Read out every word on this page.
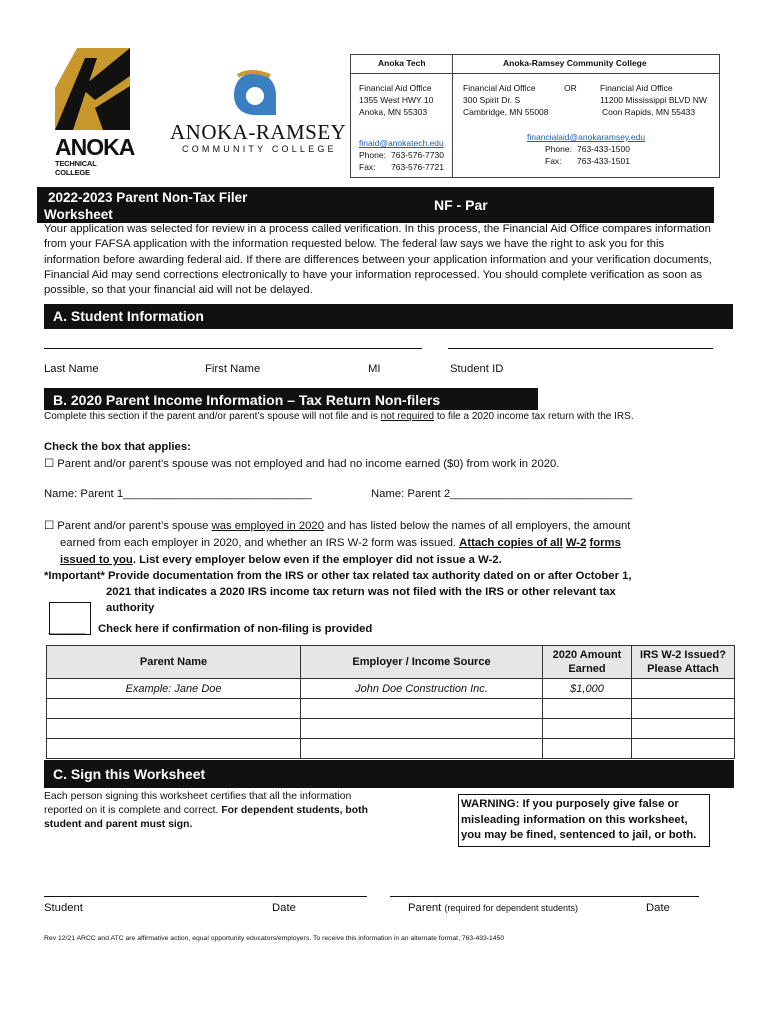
ANOKA
TECHNICAL COLLEGE
ANOKA-RAMSEY
COMMUNITY COLLEGE
Anoka Tech	Anoka-Ramsey Community College
Financial Aid Office
1355 West HWY 10
Anoka, MN 55303
finaid@anokatech.edu
Phone: 763-576-7730
Fax: 763-576-7721
Financial Aid Office
300 Spirit Dr. S
Cambridge, MN 55008
OR	Financial Aid Office
11200 Mississippi BLVD NW
Coon Rapids, MN 55433
financialaid@anokaramsey.edu
Phone: 763-433-1500
Fax: 763-433-1501
2022-2023 Parent Non-Tax Filer
Worksheet
NF - Par
Your application was selected for review in a process called verification. In this process, the Financial Aid Office compares information from your FAFSA application with the information requested below. The federal law says we have the right to ask you for this information before awarding federal aid. If there are differences between your application information and your verification documents, Financial Aid may send corrections electronically to have your information reprocessed. You should complete verification as soon as possible, so that your financial aid will not be delayed.
A. Student Information
Last Name	First Name	MI	Student ID
B. 2020 Parent Income Information – Tax Return Non-filers
Complete this section if the parent and/or parent’s spouse will not file and is not required to file a 2020 income tax return with the IRS.
Check the box that applies:
☐ Parent and/or parent’s spouse was not employed and had no income earned ($0) from work in 2020.
Name: Parent 1______________________________	Name: Parent 2_____________________________
☐ Parent and/or parent’s spouse was employed in 2020 and has listed below the names of all employers, the amount
earned from each employer in 2020, and whether an IRS W-2 form was issued. Attach copies of all W-2 forms
issued to you. List every employer below even if the employer did not issue a W-2.
*Important* Provide documentation from the IRS or other tax related tax authority dated on or after October 1,
2021 that indicates a 2020 IRS income tax return was not filed with the IRS or other relevant tax
authority
______ Check here if confirmation of non-filing is provided
Parent Name	Employer / Income Source	2020 Amount Earned	IRS W-2 Issued? Please Attach
Example: Jane Doe	John Doe Construction Inc.	$1,000	

C. Sign this Worksheet
Each person signing this worksheet certifies that all the information reported on it is complete and correct. For dependent students, both student and parent must sign.
WARNING: If you purposely give false or misleading information on this worksheet, you may be fined, sentenced to jail, or both.
Student	Date	Parent (required for dependent students)	Date
Rev 12/21 ARCC and ATC are affirmative action, equal opportunity educators/employers. To receive this information in an alternate format, 763-433-1450
